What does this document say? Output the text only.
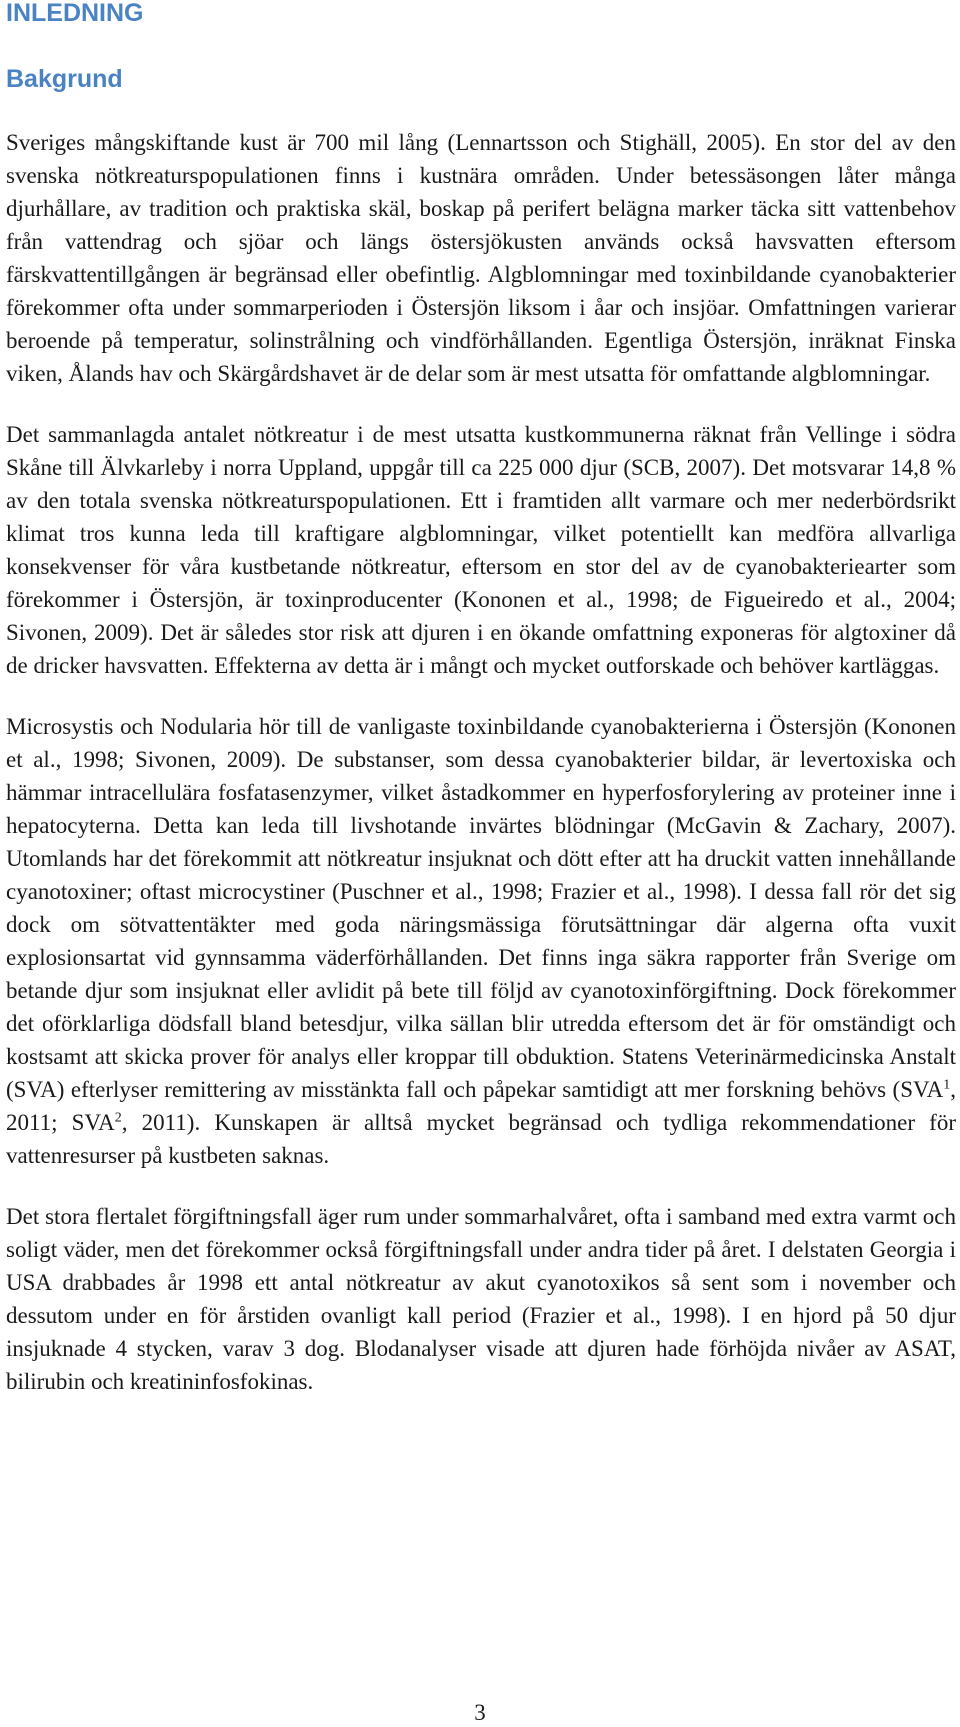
INLEDNING
Bakgrund

Sveriges mångskiftande kust är 700 mil lång (Lennartsson och Stighäll, 2005). En stor del av den svenska nötkreaturspopulationen finns i kustnära områden. Under betessäsongen låter många djurhållare, av tradition och praktiska skäl, boskap på perifert belägna marker täcka sitt vattenbehov från vattendrag och sjöar och längs östersjökusten används också havsvatten eftersom färskvattentillgången är begränsad eller obefintlig. Algblomningar med toxinbildande cyanobakterier förekommer ofta under sommarperioden i Östersjön liksom i åar och insjöar. Omfattningen varierar beroende på temperatur, solinstrålning och vindförhållanden. Egentliga Östersjön, inräknat Finska viken, Ålands hav och Skärgårdshavet är de delar som är mest utsatta för omfattande algblomningar.

Det sammanlagda antalet nötkreatur i de mest utsatta kustkommunerna räknat från Vellinge i södra Skåne till Älvkarleby i norra Uppland, uppgår till ca 225 000 djur (SCB, 2007). Det motsvarar 14,8 % av den totala svenska nötkreaturspopulationen. Ett i framtiden allt varmare och mer nederbördsrikt klimat tros kunna leda till kraftigare algblomningar, vilket potentiellt kan medföra allvarliga konsekvenser för våra kustbetande nötkreatur, eftersom en stor del av de cyanobakteriearter som förekommer i Östersjön, är toxinproducenter (Kononen et al., 1998; de Figueiredo et al., 2004; Sivonen, 2009). Det är således stor risk att djuren i en ökande omfattning exponeras för algtoxiner då de dricker havsvatten. Effekterna av detta är i mångt och mycket outforskade och behöver kartläggas.

Microsystis och Nodularia hör till de vanligaste toxinbildande cyanobakterierna i Östersjön (Kononen et al., 1998; Sivonen, 2009). De substanser, som dessa cyanobakterier bildar, är levertoxiska och hämmar intracellulära fosfatasenzymer, vilket åstadkommer en hyperfosforylering av proteiner inne i hepatocyterna. Detta kan leda till livshotande invärtes blödningar (McGavin & Zachary, 2007). Utomlands har det förekommit att nötkreatur insjuknat och dött efter att ha druckit vatten innehållande cyanotoxiner; oftast microcystiner (Puschner et al., 1998; Frazier et al., 1998). I dessa fall rör det sig dock om sötvattentäkter med goda näringsmässiga förutsättningar där algerna ofta vuxit explosionsartat vid gynnsamma väderförhållanden. Det finns inga säkra rapporter från Sverige om betande djur som insjuknat eller avlidit på bete till följd av cyanotoxinförgiftning. Dock förekommer det oförklarliga dödsfall bland betesdjur, vilka sällan blir utredda eftersom det är för omständigt och kostsamt att skicka prover för analys eller kroppar till obduktion. Statens Veterinärmedicinska Anstalt (SVA) efterlyser remittering av misstänkta fall och påpekar samtidigt att mer forskning behövs (SVA$^1$, 2011; SVA$^2$, 2011). Kunskapen är alltså mycket begränsad och tydliga rekommendationer för vattenresurser på kustbeten saknas.

Det stora flertalet förgiftningsfall äger rum under sommarhalvåret, ofta i samband med extra varmt och soligt väder, men det förekommer också förgiftningsfall under andra tider på året. I delstaten Georgia i USA drabbades år 1998 ett antal nötkreatur av akut cyanotoxikos så sent som i november och dessutom under en för årstiden ovanligt kall period (Frazier et al., 1998). I en hjord på 50 djur insjuknade 4 stycken, varav 3 dog. Blodanalyser visade att djuren hade förhöjda nivåer av ASAT, bilirubin och kreatininfosfokinas.

3
